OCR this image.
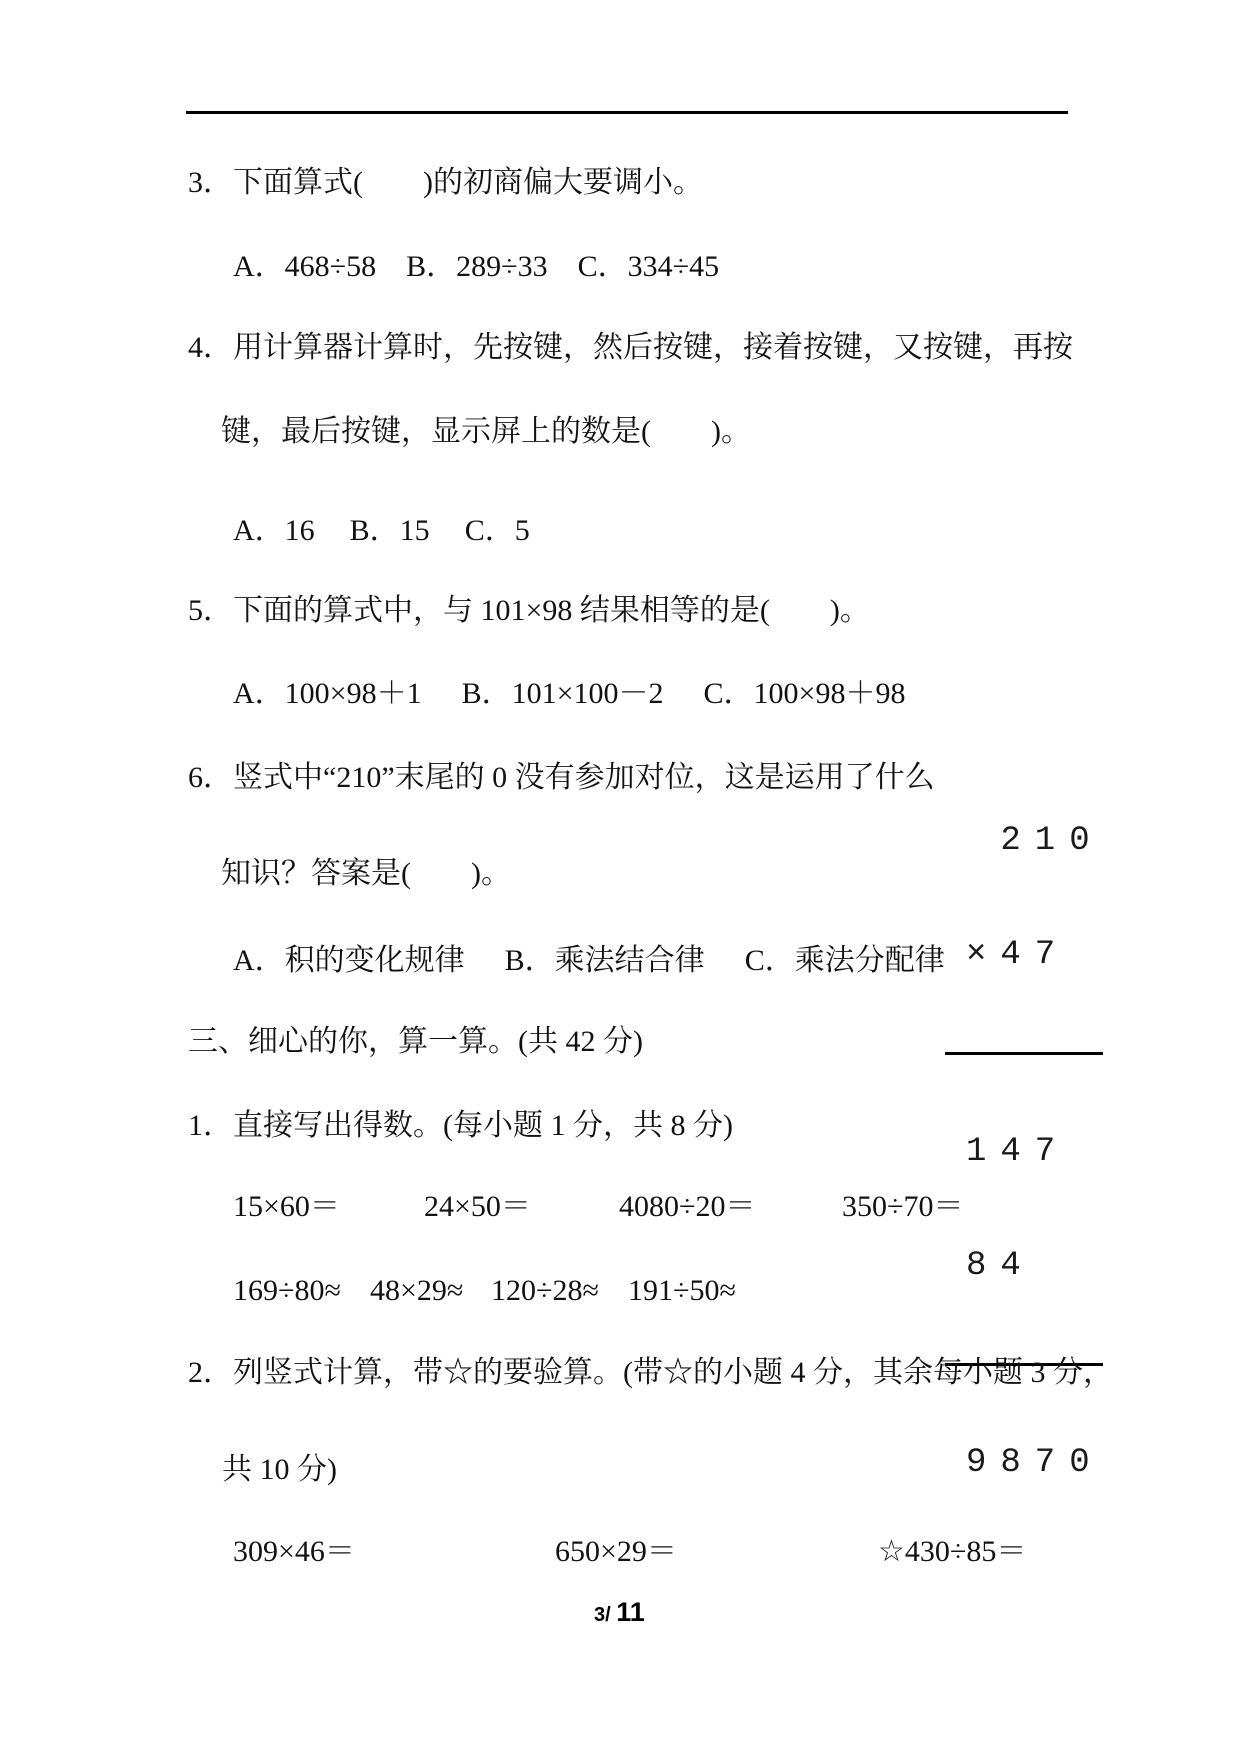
3．下面算式(　　)的初商偏大要调小。
A．468÷58 B．289÷33 C．334÷45
4．用计算器计算时，先按键，然后按键，接着按键，又按键，再按
键，最后按键，显示屏上的数是(　　)。
A．16 B．15 C．5
5．下面的算式中，与 101×98 结果相等的是(　　)。
A．100×98＋1 B．101×100－2 C．100×98＋98
6．竖式中“210”末尾的 0 没有参加对位，这是运用了什么
知识？答案是(　　)。
A．积的变化规律 B．乘法结合律 C．乘法分配律

210

×47

147

84

9870

三、细心的你，算一算。(共 42 分)
1．直接写出得数。(每小题 1 分，共 8 分)
15×60＝	24×50＝	4080÷20＝	350÷70＝
169÷80≈ 48×29≈ 120÷28≈ 191÷50≈
2．列竖式计算，带☆的要验算。(带☆的小题 4 分，其余每小题 3 分，
共 10 分)
309×46＝	650×29＝	☆430÷85＝
3/ 11
